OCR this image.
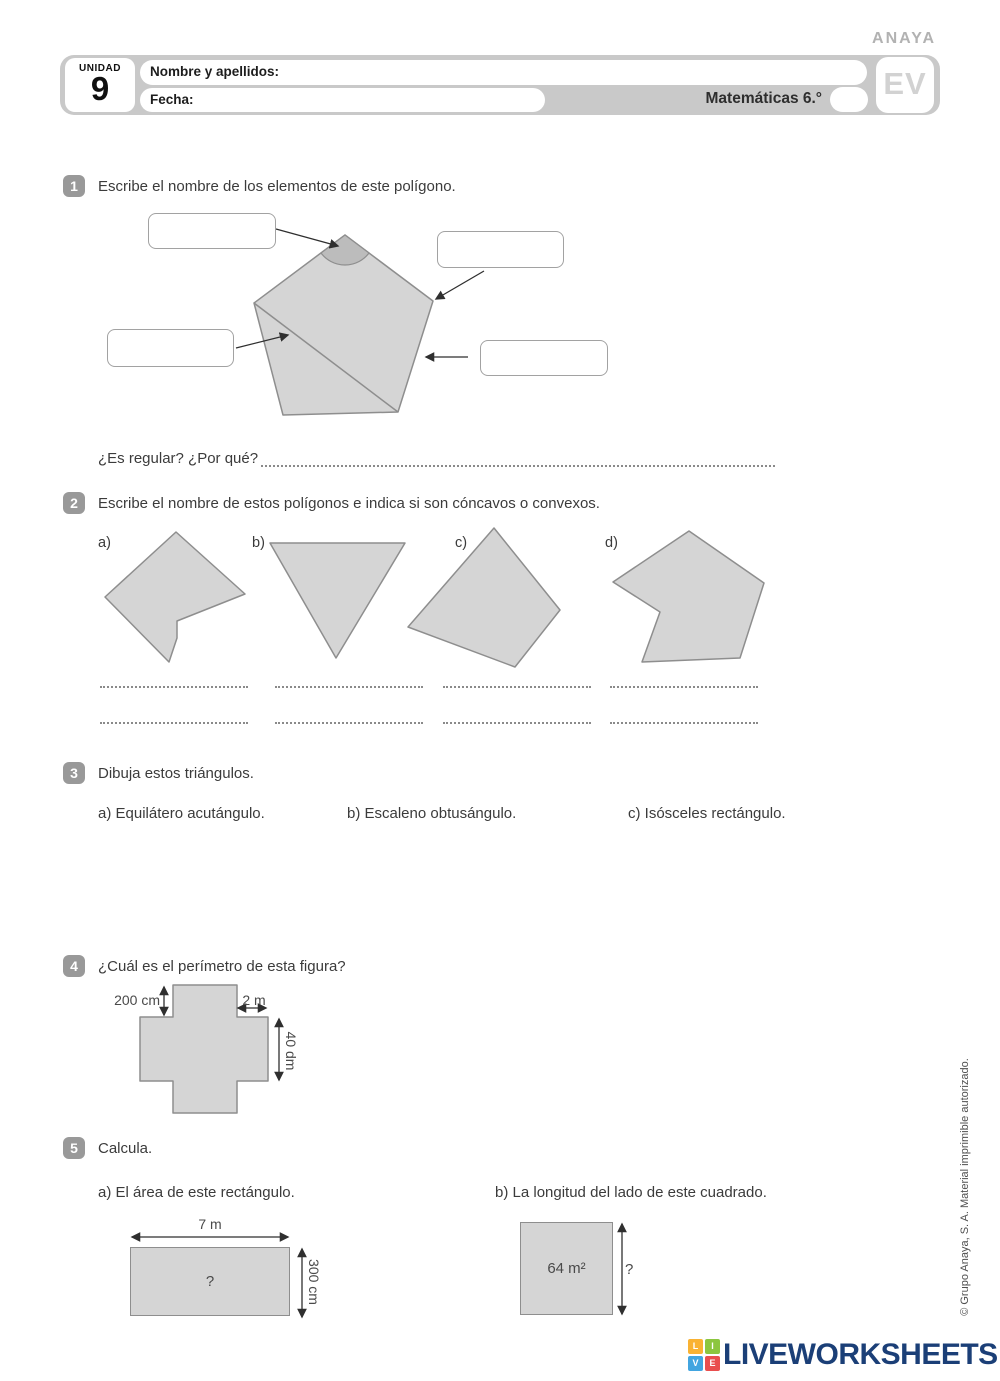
ANAYA
UNIDAD
9	Nombre y apellidos:
Fecha:	Matemáticas 6.° EV
1	Escribe el nombre de los elementos de este polígono.
¿Es regular? ¿Por qué?
2	Escribe el nombre de estos polígonos e indica si son cóncavos o convexos.
a)	b)	c)	d)
3	Dibuja estos triángulos.
a) Equilátero acutángulo.	b) Escaleno obtusángulo.	c) Isósceles rectángulo.
4	¿Cuál es el perímetro de esta figura?
200 cm	2 m
40 dm
5	Calcula.
a) El área de este rectángulo.	b) La longitud del lado de este cuadrado.
7 m
?	300 cm	64 m²	?	© Grupo Anaya, S. A. Material imprimible autorizado.
L	I
V	E LIVEWORKSHEETS
